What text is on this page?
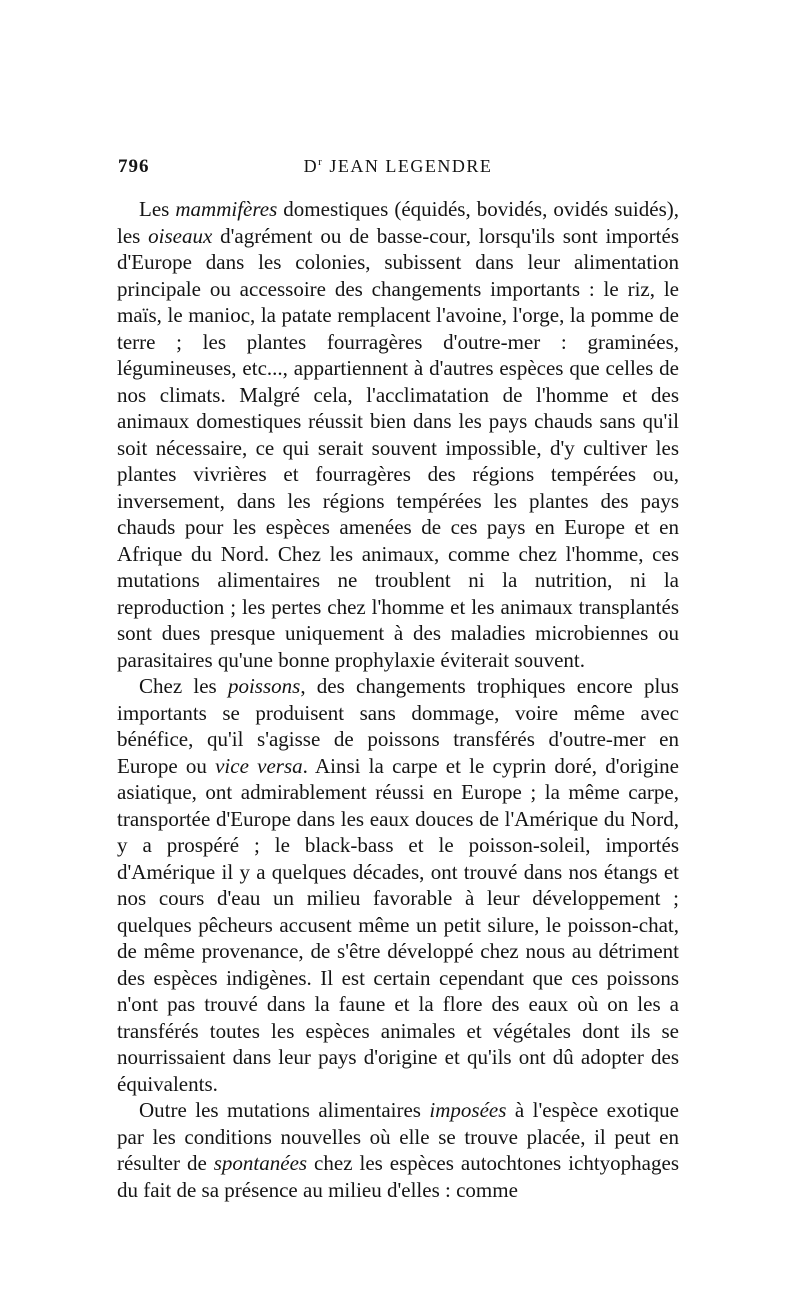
796	$D^r$ JEAN LEGENDRE

Les mammifères domestiques (équidés, bovidés, ovidés suidés), les oiseaux d'agrément ou de basse-cour, lorsqu'ils sont importés d'Europe dans les colonies, subissent dans leur alimentation principale ou accessoire des changements importants : le riz, le maïs, le manioc, la patate remplacent l'avoine, l'orge, la pomme de terre ; les plantes fourragères d'outre-mer : graminées, légumineuses, etc..., appartiennent à d'autres espèces que celles de nos climats. Malgré cela, l'acclimatation de l'homme et des animaux domestiques réussit bien dans les pays chauds sans qu'il soit nécessaire, ce qui serait souvent impossible, d'y cultiver les plantes vivrières et fourragères des régions tempérées ou, inversement, dans les régions tempérées les plantes des pays chauds pour les espèces amenées de ces pays en Europe et en Afrique du Nord. Chez les animaux, comme chez l'homme, ces mutations alimentaires ne troublent ni la nutrition, ni la reproduction ; les pertes chez l'homme et les animaux transplantés sont dues presque uniquement à des maladies microbiennes ou parasitaires qu'une bonne prophylaxie éviterait souvent.

Chez les poissons, des changements trophiques encore plus importants se produisent sans dommage, voire même avec bénéfice, qu'il s'agisse de poissons transférés d'outre-mer en Europe ou vice versa. Ainsi la carpe et le cyprin doré, d'origine asiatique, ont admirablement réussi en Europe ; la même carpe, transportée d'Europe dans les eaux douces de l'Amérique du Nord, y a prospéré ; le black-bass et le poisson-soleil, importés d'Amérique il y a quelques décades, ont trouvé dans nos étangs et nos cours d'eau un milieu favorable à leur développement ; quelques pêcheurs accusent même un petit silure, le poisson-chat, de même provenance, de s'être développé chez nous au détriment des espèces indigènes. Il est certain cependant que ces poissons n'ont pas trouvé dans la faune et la flore des eaux où on les a transférés toutes les espèces animales et végétales dont ils se nourrissaient dans leur pays d'origine et qu'ils ont dû adopter des équivalents.

Outre les mutations alimentaires imposées à l'espèce exotique par les conditions nouvelles où elle se trouve placée, il peut en résulter de spontanées chez les espèces autochtones ichtyophages du fait de sa présence au milieu d'elles : comme
